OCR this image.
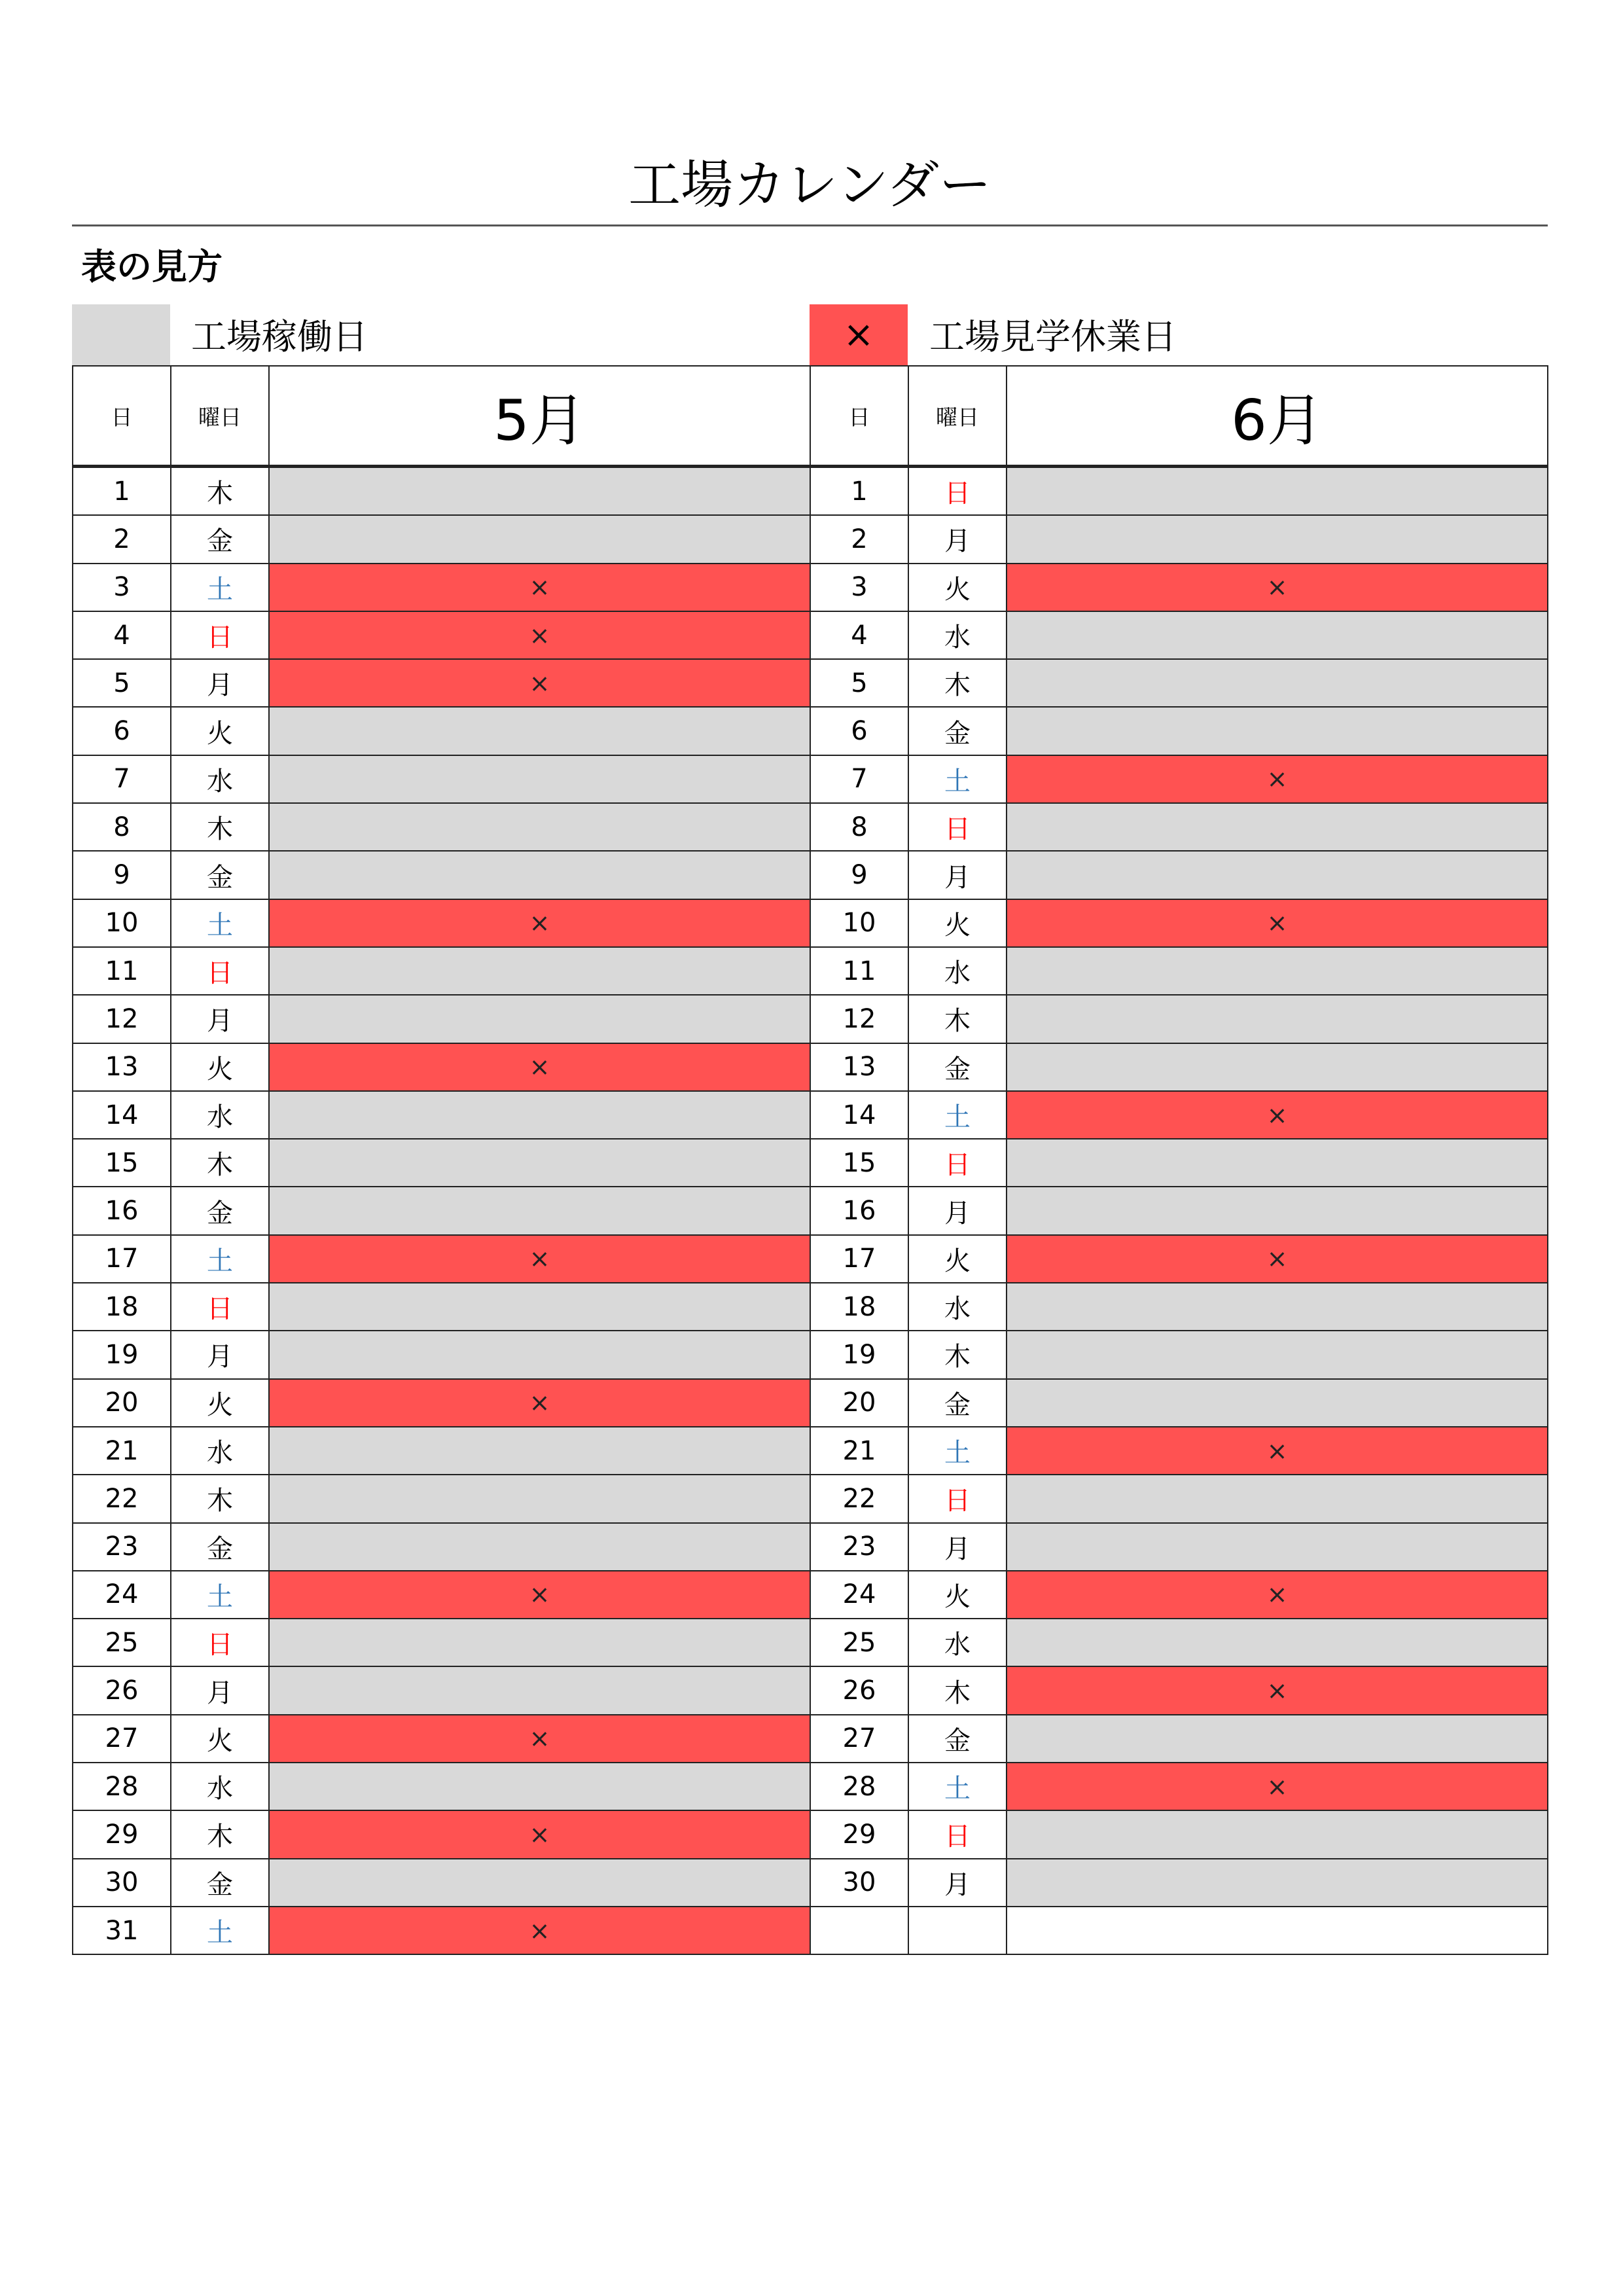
工場カレンダー
表の見方
工場稼働日	×	工場見学休業日
日	曜日	5月
1	木	
2	金	
3	土	×
4	日	×
5	月	×
6	火	
7	水	
8	木	
9	金	
10	土	×
11	日	
12	月	
13	火	×
14	水	
15	木	
16	金	
17	土	×
18	日	
19	月	
20	火	×
21	水	
22	木	
23	金	
24	土	×
25	日	
26	月	
27	火	×
28	水	
29	木	×
30	金	
31	土	×
日	曜日	6月
1	日	
2	月	
3	火	×
4	水	
5	木	
6	金	
7	土	×
8	日	
9	月	
10	火	×
11	水	
12	木	
13	金	
14	土	×
15	日	
16	月	
17	火	×
18	水	
19	木	
20	金	
21	土	×
22	日	
23	月	
24	火	×
25	水	
26	木	×
27	金	
28	土	×
29	日	
30	月	
